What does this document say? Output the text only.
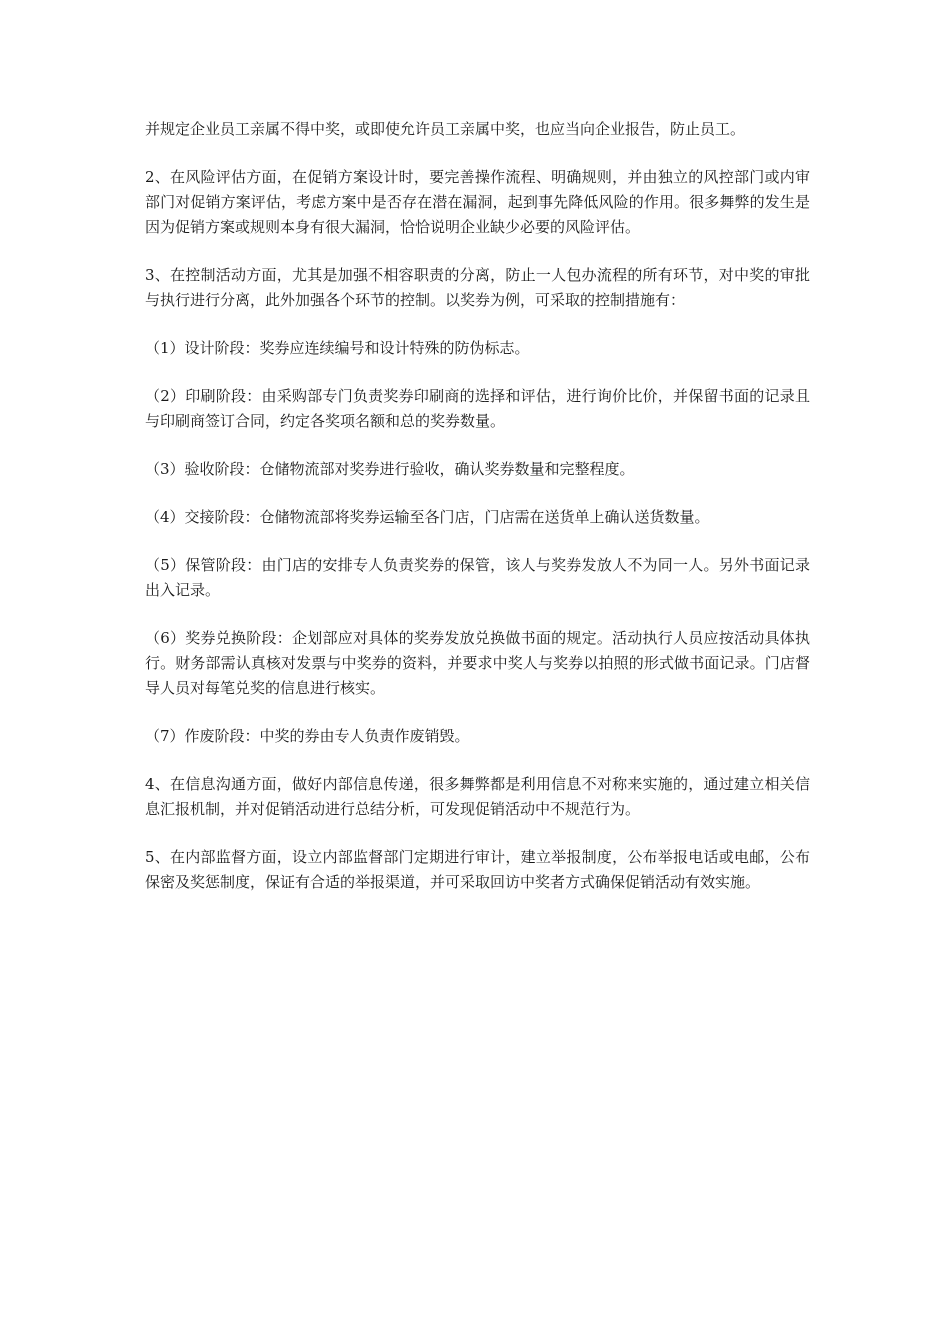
并规定企业员工亲属不得中奖，或即使允许员工亲属中奖，也应当向企业报告，防止员工。

2、在风险评估方面，在促销方案设计时，要完善操作流程、明确规则，并由独立的风控部门或内审部门对促销方案评估，考虑方案中是否存在潜在漏洞，起到事先降低风险的作用。很多舞弊的发生是因为促销方案或规则本身有很大漏洞，恰恰说明企业缺少必要的风险评估。

3、在控制活动方面，尤其是加强不相容职责的分离，防止一人包办流程的所有环节，对中奖的审批与执行进行分离，此外加强各个环节的控制。以奖券为例，可采取的控制措施有：

（1）设计阶段：奖券应连续编号和设计特殊的防伪标志。

（2）印刷阶段：由采购部专门负责奖券印刷商的选择和评估，进行询价比价，并保留书面的记录且与印刷商签订合同，约定各奖项名额和总的奖券数量。

（3）验收阶段：仓储物流部对奖券进行验收，确认奖券数量和完整程度。

（4）交接阶段：仓储物流部将奖券运输至各门店，门店需在送货单上确认送货数量。

（5）保管阶段：由门店的安排专人负责奖券的保管，该人与奖券发放人不为同一人。另外书面记录出入记录。

（6）奖券兑换阶段：企划部应对具体的奖券发放兑换做书面的规定。活动执行人员应按活动具体执行。财务部需认真核对发票与中奖券的资料，并要求中奖人与奖券以拍照的形式做书面记录。门店督导人员对每笔兑奖的信息进行核实。

（7）作废阶段：中奖的券由专人负责作废销毁。

4、在信息沟通方面，做好内部信息传递，很多舞弊都是利用信息不对称来实施的，通过建立相关信息汇报机制，并对促销活动进行总结分析，可发现促销活动中不规范行为。

5、在内部监督方面，设立内部监督部门定期进行审计，建立举报制度，公布举报电话或电邮，公布保密及奖惩制度，保证有合适的举报渠道，并可采取回访中奖者方式确保促销活动有效实施。
